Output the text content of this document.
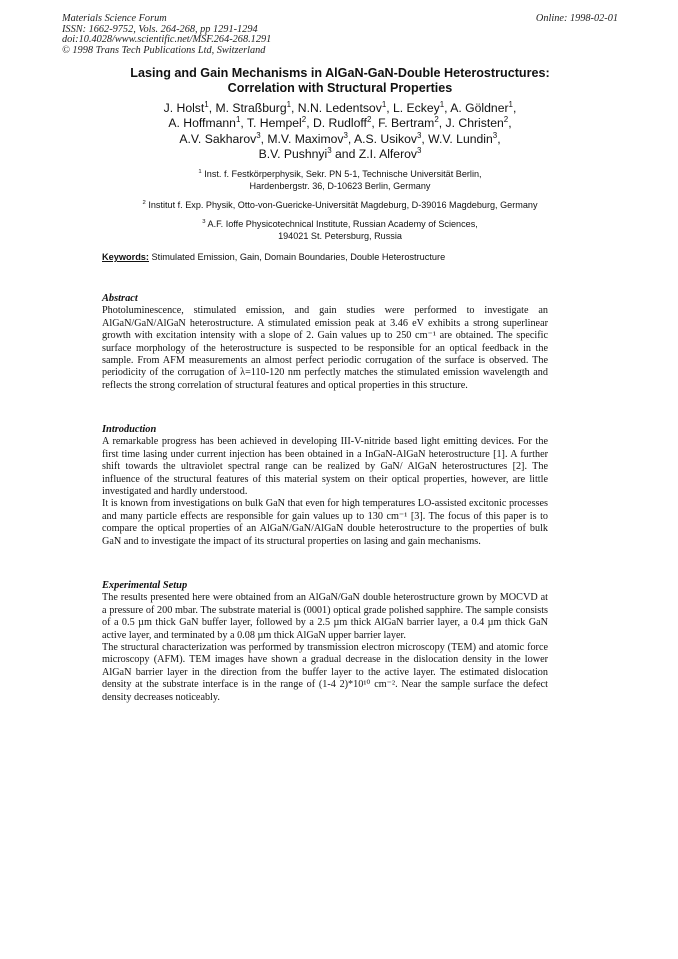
Materials Science Forum
ISSN: 1662-9752, Vols. 264-268, pp 1291-1294
doi:10.4028/www.scientific.net/MSF.264-268.1291
© 1998 Trans Tech Publications Ltd, Switzerland
Online: 1998-02-01
Lasing and Gain Mechanisms in AlGaN-GaN-Double Heterostructures:
Correlation with Structural Properties
J. Holst$^1$, M. Straßburg$^1$, N.N. Ledentsov$^1$, L. Eckey$^1$, A. Göldner$^1$,
A. Hoffmann$^1$, T. Hempel$^2$, D. Rudloff$^2$, F. Bertram$^2$, J. Christen$^2$,
A.V. Sakharov$^3$, M.V. Maximov$^3$, A.S. Usikov$^3$, W.V. Lundin$^3$,
B.V. Pushnyi$^3$ and Z.I. Alferov$^3$
$^1$ Inst. f. Festkörperphysik, Sekr. PN 5-1, Technische Universität Berlin,
Hardenbergstr. 36, D-10623 Berlin, Germany
$^2$ Institut f. Exp. Physik, Otto-von-Guericke-Universität Magdeburg, D-39016 Magdeburg, Germany
$^3$ A.F. Ioffe Physicotechnical Institute, Russian Academy of Sciences,
194021 St. Petersburg, Russia
Keywords: Stimulated Emission, Gain, Domain Boundaries, Double Heterostructure
Abstract

Photoluminescence, stimulated emission, and gain studies were performed to investigate an AlGaN/GaN/AlGaN heterostructure. A stimulated emission peak at 3.46 eV exhibits a strong superlinear growth with excitation intensity with a slope of 2. Gain values up to 250 cm⁻¹ are obtained. The specific surface morphology of the heterostructure is suspected to be responsible for an optical feedback in the sample. From AFM measurements an almost perfect periodic corrugation of the surface is observed. The periodicity of the corrugation of λ=110-120 nm perfectly matches the stimulated emission wavelength and reflects the strong correlation of structural features and optical properties in this structure.

Introduction

A remarkable progress has been achieved in developing III-V-nitride based light emitting devices. For the first time lasing under current injection has been obtained in a InGaN-AlGaN heterostructure [1]. A further shift towards the ultraviolet spectral range can be realized by GaN/ AlGaN heterostructures [2]. The influence of the structural features of this material system on their optical properties, however, are little investigated and hardly understood.

It is known from investigations on bulk GaN that even for high temperatures LO-assisted excitonic processes and many particle effects are responsible for gain values up to 130 cm⁻¹ [3]. The focus of this paper is to compare the optical properties of an AlGaN/GaN/AlGaN double heterostructure to the properties of bulk GaN and to investigate the impact of its structural properties on lasing and gain mechanisms.

Experimental Setup

The results presented here were obtained from an AlGaN/GaN double heterostructure grown by MOCVD at a pressure of 200 mbar. The substrate material is (0001) optical grade polished sapphire. The sample consists of a 0.5 µm thick GaN buffer layer, followed by a 2.5 µm thick AlGaN barrier layer, a 0.4 µm thick GaN active layer, and terminated by a 0.08 µm thick AlGaN upper barrier layer.

The structural characterization was performed by transmission electron microscopy (TEM) and atomic force microscopy (AFM). TEM images have shown a gradual decrease in the dislocation density in the lower AlGaN barrier layer in the direction from the buffer layer to the active layer. The estimated dislocation density at the substrate interface is in the range of (1-4 2)*10¹⁰ cm⁻². Near the sample surface the defect density decreases noticeably.
